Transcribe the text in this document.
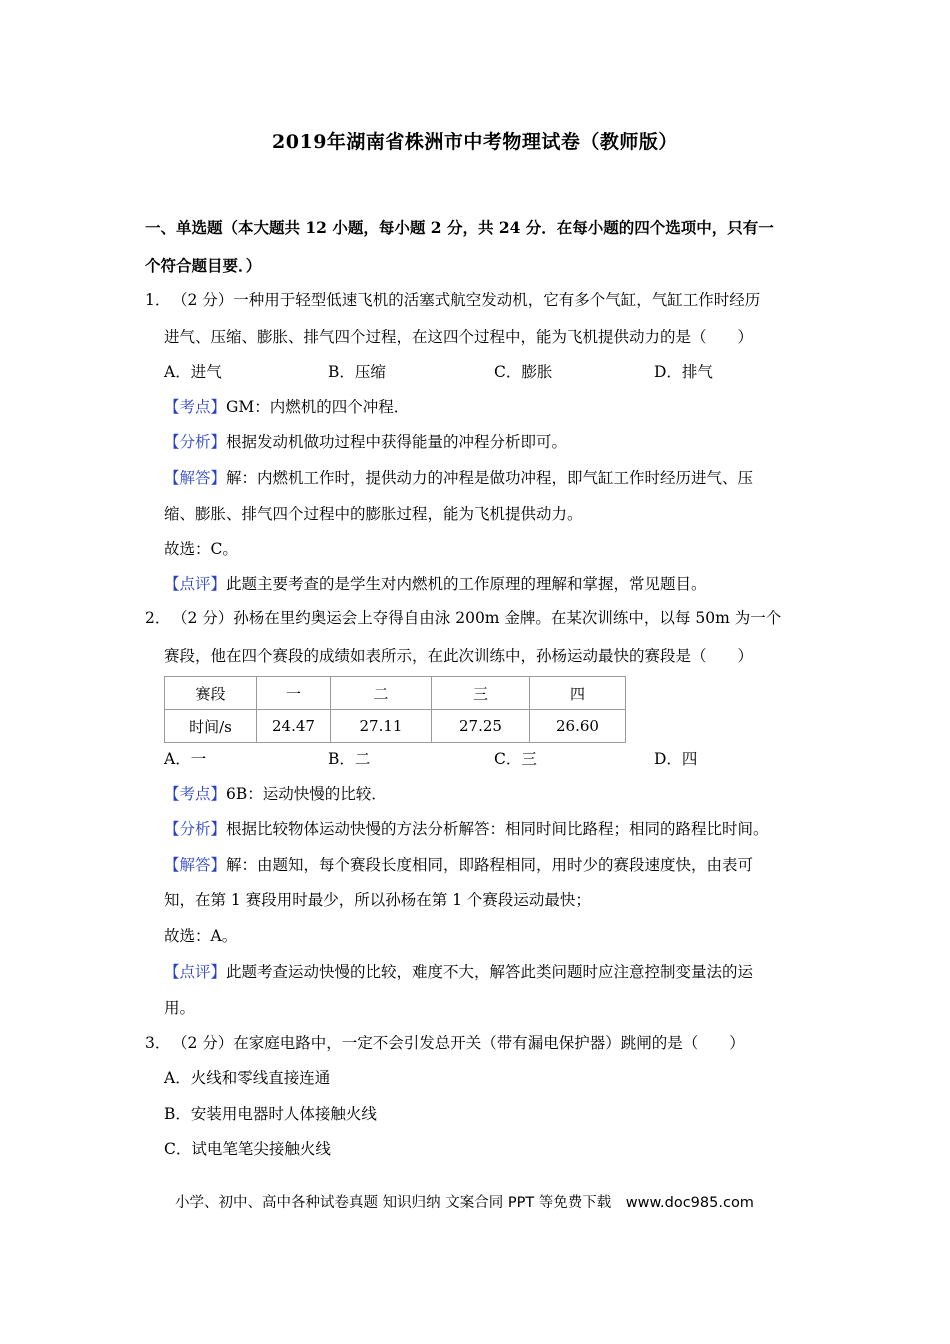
2019年湖南省株洲市中考物理试卷（教师版）
一、单选题（本大题共 12 小题，每小题 2 分，共 24 分．在每小题的四个选项中，只有一
个符合题目要．）
1． （2 分）一种用于轻型低速飞机的活塞式航空发动机，它有多个气缸，气缸工作时经历
进气、压缩、膨胀、排气四个过程，在这四个过程中，能为飞机提供动力的是（　　）
A．进气	B．压缩	C．膨胀	D．排气
【考点】GM：内燃机的四个冲程．
【分析】根据发动机做功过程中获得能量的冲程分析即可。
【解答】解：内燃机工作时，提供动力的冲程是做功冲程，即气缸工作时经历进气、压
缩、膨胀、排气四个过程中的膨胀过程，能为飞机提供动力。
故选：C。
【点评】此题主要考查的是学生对内燃机的工作原理的理解和掌握，常见题目。
2． （2 分）孙杨在里约奥运会上夺得自由泳 200m 金牌。在某次训练中，以每 50m 为一个
赛段，他在四个赛段的成绩如表所示，在此次训练中，孙杨运动最快的赛段是（　　）
赛段	一	二	三	四
时间/s	24.47	27.11	27.25	26.60
A．一	B．二	C．三	D．四
【考点】6B：运动快慢的比较．
【分析】根据比较物体运动快慢的方法分析解答：相同时间比路程；相同的路程比时间。
【解答】解：由题知，每个赛段长度相同，即路程相同，用时少的赛段速度快，由表可
知，在第 1 赛段用时最少，所以孙杨在第 1 个赛段运动最快；
故选：A。
【点评】此题考查运动快慢的比较，难度不大，解答此类问题时应注意控制变量法的运
用。
3． （2 分）在家庭电路中，一定不会引发总开关（带有漏电保护器）跳闸的是（　　）
A．火线和零线直接连通
B．安装用电器时人体接触火线
C．试电笔笔尖接触火线
小学、初中、高中各种试卷真题 知识归纳 文案合同 PPT 等免费下载　www.doc985.com
